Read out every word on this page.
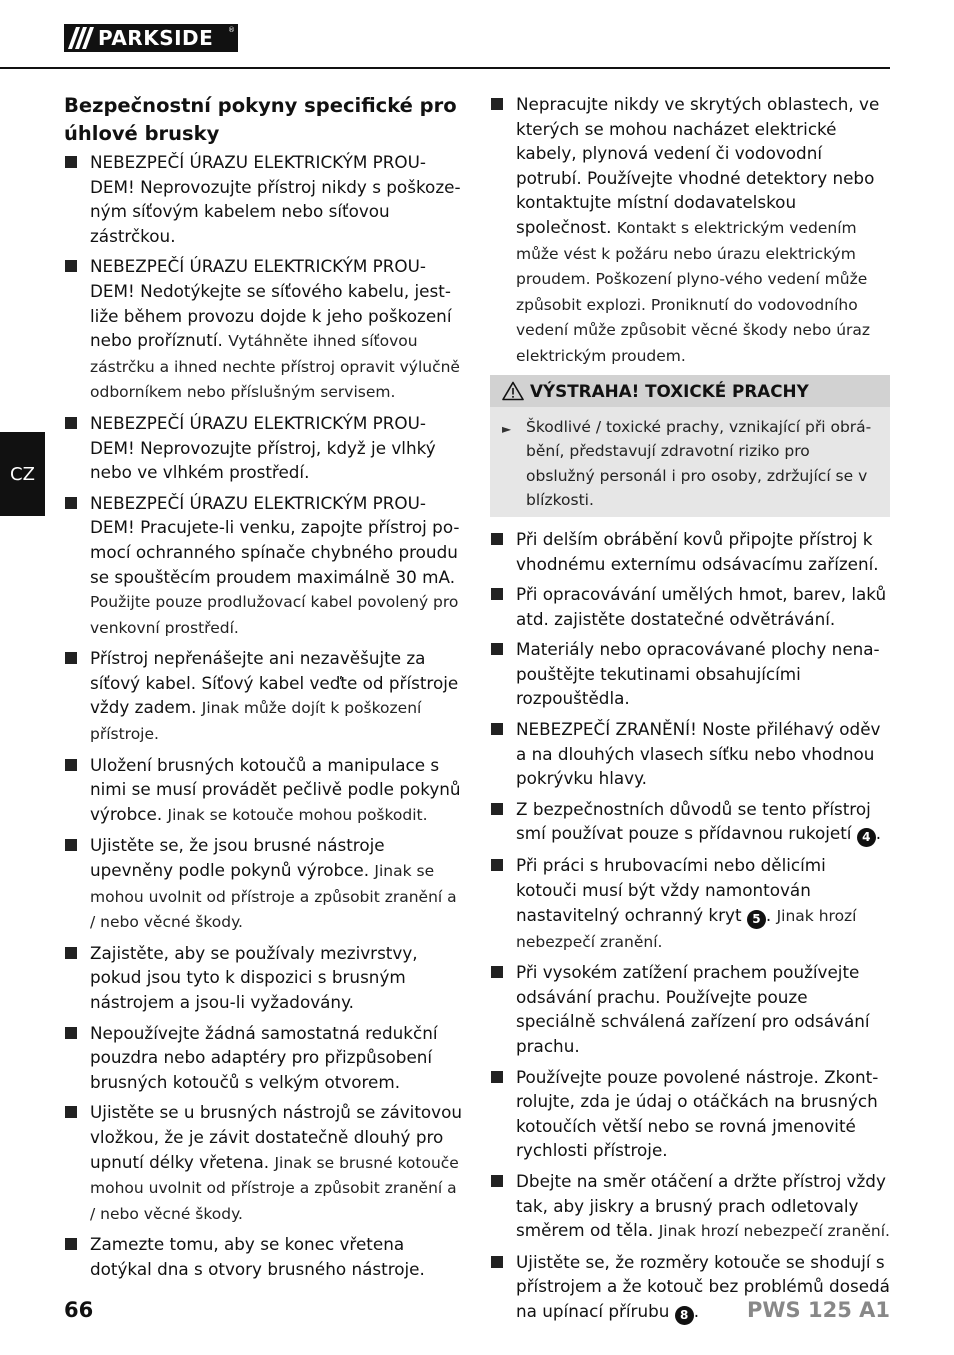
PARKSIDE ®
CZ
Bezpečnostní pokyny specifické pro úhlové brusky
NEBEZPEČÍ ÚRAZU ELEKTRICKÝM PROU-DEM! Neprovozujte přístroj nikdy s poškoze-ným síťovým kabelem nebo síťovou zástrčkou.
NEBEZPEČÍ ÚRAZU ELEKTRICKÝM PROU-DEM! Nedotýkejte se síťového kabelu, jest-liže během provozu dojde k jeho poškození nebo proříznutí. Vytáhněte ihned síťovou zástrčku a ihned nechte přístroj opravit výlučně odborníkem nebo příslušným servisem.
NEBEZPEČÍ ÚRAZU ELEKTRICKÝM PROU-DEM! Neprovozujte přístroj, když je vlhký nebo ve vlhkém prostředí.
NEBEZPEČÍ ÚRAZU ELEKTRICKÝM PROU-DEM! Pracujete-li venku, zapojte přístroj po-mocí ochranného spínače chybného proudu se spouštěcím proudem maximálně 30 mA. Použijte pouze prodlužovací kabel povolený pro venkovní prostředí.
Přístroj nepřenášejte ani nezavěšujte za síťový kabel. Síťový kabel veďte od přístroje vždy zadem. Jinak může dojít k poškození přístroje.
Uložení brusných kotoučů a manipulace s nimi se musí provádět pečlivě podle pokynů výrobce. Jinak se kotouče mohou poškodit.
Ujistěte se, že jsou brusné nástroje upevněny podle pokynů výrobce. Jinak se mohou uvolnit od přístroje a způsobit zranění a / nebo věcné škody.
Zajistěte, aby se používaly mezivrstvy, pokud jsou tyto k dispozici s brusným nástrojem a jsou-li vyžadovány.
Nepoužívejte žádná samostatná redukční pouzdra nebo adaptéry pro přizpůsobení brusných kotoučů s velkým otvorem.
Ujistěte se u brusných nástrojů se závitovou vložkou, že je závit dostatečně dlouhý pro upnutí délky vřetena. Jinak se brusné kotouče mohou uvolnit od přístroje a způsobit zranění a / nebo věcné škody.
Zamezte tomu, aby se konec vřetena dotýkal dna s otvory brusného nástroje.
Nepracujte nikdy ve skrytých oblastech, ve kterých se mohou nacházet elektrické kabely, plynová vedení či vodovodní potrubí. Používejte vhodné detektory nebo kontaktujte místní dodavatelskou společnost. Kontakt s elektrickým vedením může vést k požáru nebo úrazu elektrickým proudem. Poškození plyno-vého vedení může způsobit explozi. Proniknutí do vodovodního vedení může způsobit věcné škody nebo úraz elektrickým proudem.
VÝSTRAHA! TOXICKÉ PRACHY
► Škodlivé / toxické prachy, vznikající při obrá-bění, představují zdravotní riziko pro obslužný personál i pro osoby, zdržující se v blízkosti.
Při delším obrábění kovů připojte přístroj k vhodnému externímu odsávacímu zařízení.
Při opracovávání umělých hmot, barev, laků atd. zajistěte dostatečné odvětrávání.
Materiály nebo opracovávané plochy nena-pouštějte tekutinami obsahujícími rozpouštědla.
NEBEZPEČÍ ZRANĚNÍ! Noste přiléhavý oděv a na dlouhých vlasech síťku nebo vhodnou pokrývku hlavy.
Z bezpečnostních důvodů se tento přístroj smí používat pouze s přídavnou rukojetí 4 .
Při práci s hrubovacími nebo dělicími kotouči musí být vždy namontován nastavitelný ochranný kryt 5 . Jinak hrozí nebezpečí zranění.
Při vysokém zatížení prachem používejte odsávání prachu. Používejte pouze speciálně schválená zařízení pro odsávání prachu.
Používejte pouze povolené nástroje. Zkont-rolujte, zda je údaj o otáčkách na brusných kotoučích větší nebo se rovná jmenovité rychlosti přístroje.
Dbejte na směr otáčení a držte přístroj vždy tak, aby jiskry a brusný prach odletovaly směrem od těla. Jinak hrozí nebezpečí zranění.
Ujistěte se, že rozměry kotouče se shodují s přístrojem a že kotouč bez problémů dosedá na upínací přírubu 8 .
66	PWS 125 A1
